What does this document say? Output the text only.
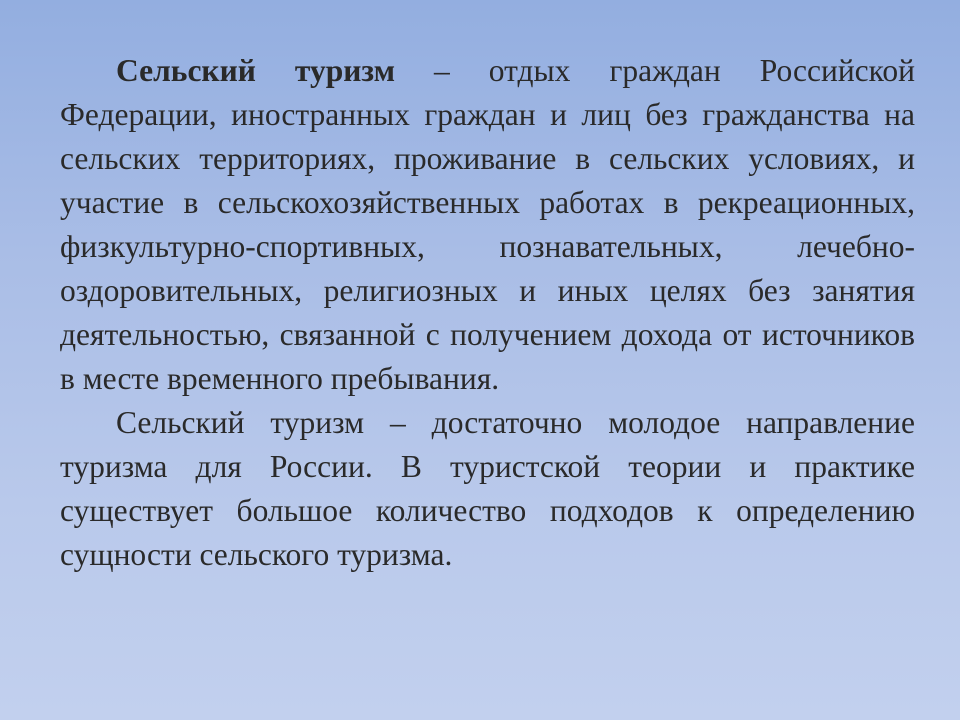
Сельский туризм – отдых граждан Российской Федерации, иностранных граждан и лиц без гражданства на сельских территориях, проживание в сельских условиях, и участие в сельскохозяйственных работах в рекреационных, физкультурно-спортивных, познавательных, лечебно-оздоровительных, религиозных и иных целях без занятия деятельностью, связанной с получением дохода от источников в месте временного пребывания.

Сельский туризм – достаточно молодое направление туризма для России. В туристской теории и практике существует большое количество подходов к определению сущности сельского туризма.
